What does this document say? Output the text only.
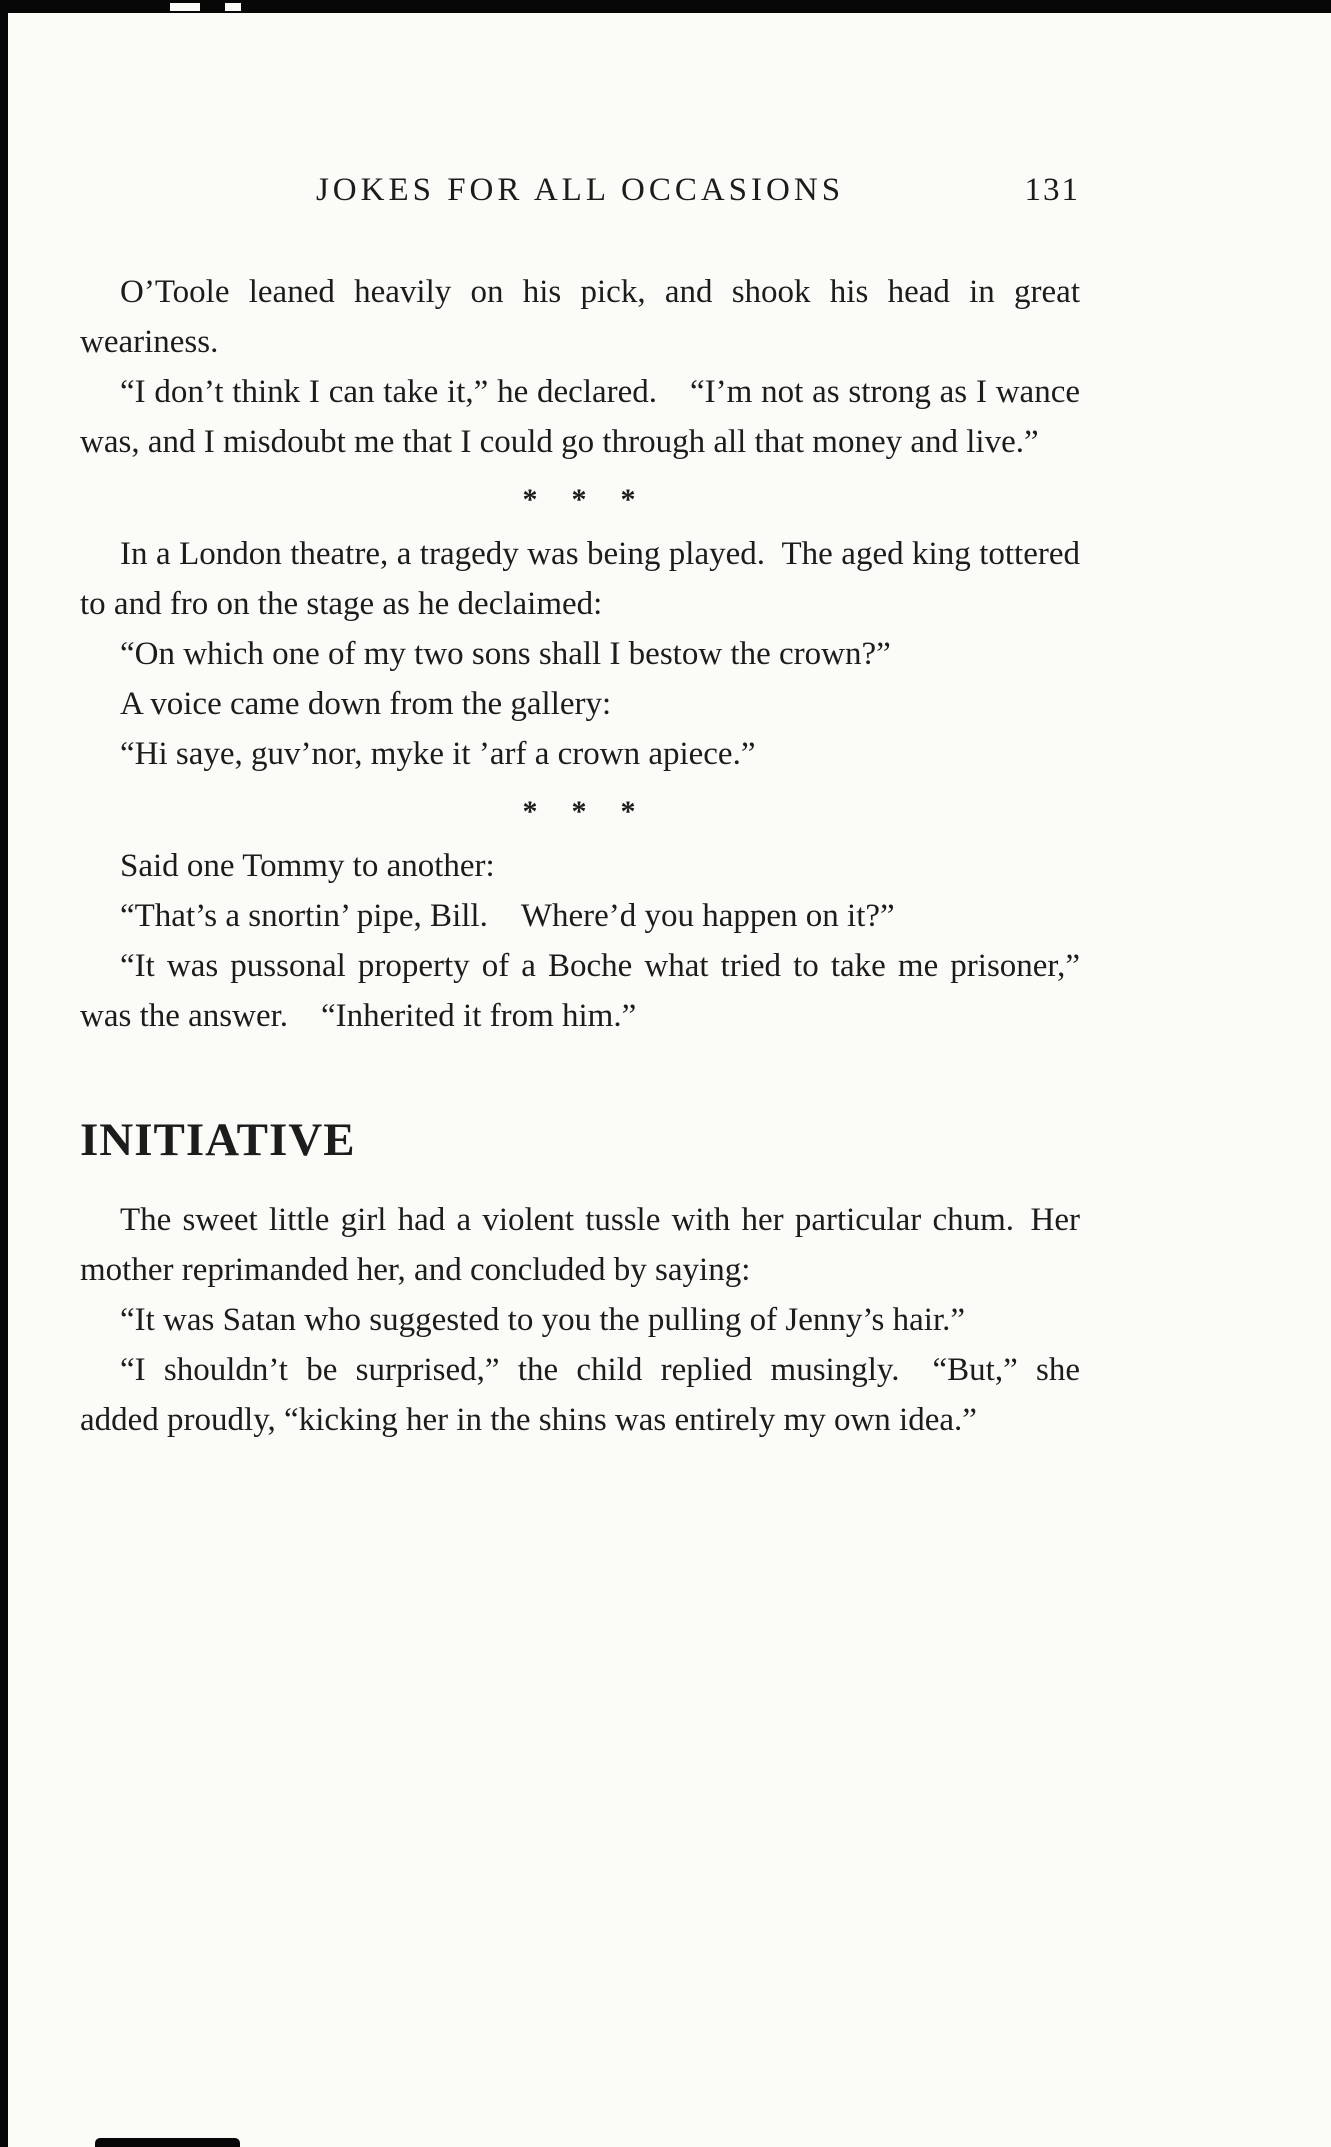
JOKES FOR ALL OCCASIONS	131

O’Toole leaned heavily on his pick, and shook his head in great weariness.

“I don’t think I can take it,” he declared. “I’m not as strong as I wance was, and I misdoubt me that I could go through all that money and live.”

* * *

In a London theatre, a tragedy was being played. The aged king tottered to and fro on the stage as he declaimed:

“On which one of my two sons shall I bestow the crown?”

A voice came down from the gallery:

“Hi saye, guv’nor, myke it ’arf a crown apiece.”

* * *

Said one Tommy to another:

“That’s a snortin’ pipe, Bill. Where’d you happen on it?”

“It was pussonal property of a Boche what tried to take me prisoner,” was the answer. “Inherited it from him.”

INITIATIVE

The sweet little girl had a violent tussle with her particular chum. Her mother reprimanded her, and concluded by saying:

“It was Satan who suggested to you the pulling of Jenny’s hair.”

“I shouldn’t be surprised,” the child replied musingly. “But,” she added proudly, “kicking her in the shins was entirely my own idea.”
